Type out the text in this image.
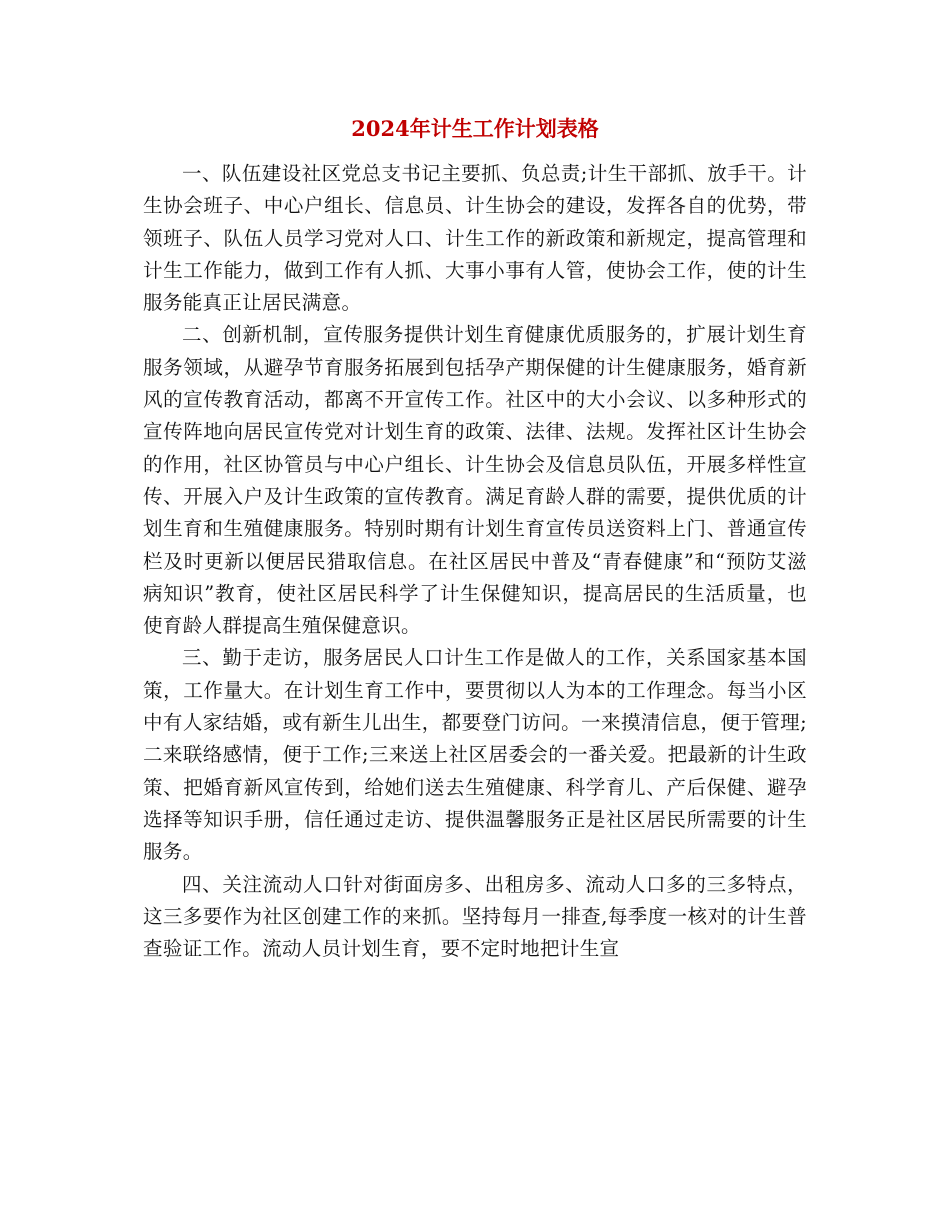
2024年计生工作计划表格

一、队伍建设社区党总支书记主要抓、负总责;计生干部抓、放手干。计生协会班子、中心户组长、信息员、计生协会的建设，发挥各自的优势，带领班子、队伍人员学习党对人口、计生工作的新政策和新规定，提高管理和计生工作能力，做到工作有人抓、大事小事有人管，使协会工作，使的计生服务能真正让居民满意。

二、创新机制，宣传服务提供计划生育健康优质服务的，扩展计划生育服务领域，从避孕节育服务拓展到包括孕产期保健的计生健康服务，婚育新风的宣传教育活动，都离不开宣传工作。社区中的大小会议、以多种形式的宣传阵地向居民宣传党对计划生育的政策、法律、法规。发挥社区计生协会的作用，社区协管员与中心户组长、计生协会及信息员队伍，开展多样性宣传、开展入户及计生政策的宣传教育。满足育龄人群的需要，提供优质的计划生育和生殖健康服务。特别时期有计划生育宣传员送资料上门、普通宣传栏及时更新以便居民猎取信息。在社区居民中普及“青春健康”和“预防艾滋病知识”教育，使社区居民科学了计生保健知识，提高居民的生活质量，也使育龄人群提高生殖保健意识。

三、勤于走访，服务居民人口计生工作是做人的工作，关系国家基本国策，工作量大。在计划生育工作中，要贯彻以人为本的工作理念。每当小区中有人家结婚，或有新生儿出生，都要登门访问。一来摸清信息，便于管理;二来联络感情，便于工作;三来送上社区居委会的一番关爱。把最新的计生政策、把婚育新风宣传到，给她们送去生殖健康、科学育儿、产后保健、避孕选择等知识手册，信任通过走访、提供温馨服务正是社区居民所需要的计生服务。

四、关注流动人口针对街面房多、出租房多、流动人口多的三多特点，这三多要作为社区创建工作的来抓。坚持每月一排查,每季度一核对的计生普查验证工作。流动人员计划生育，要不定时地把计生宣
